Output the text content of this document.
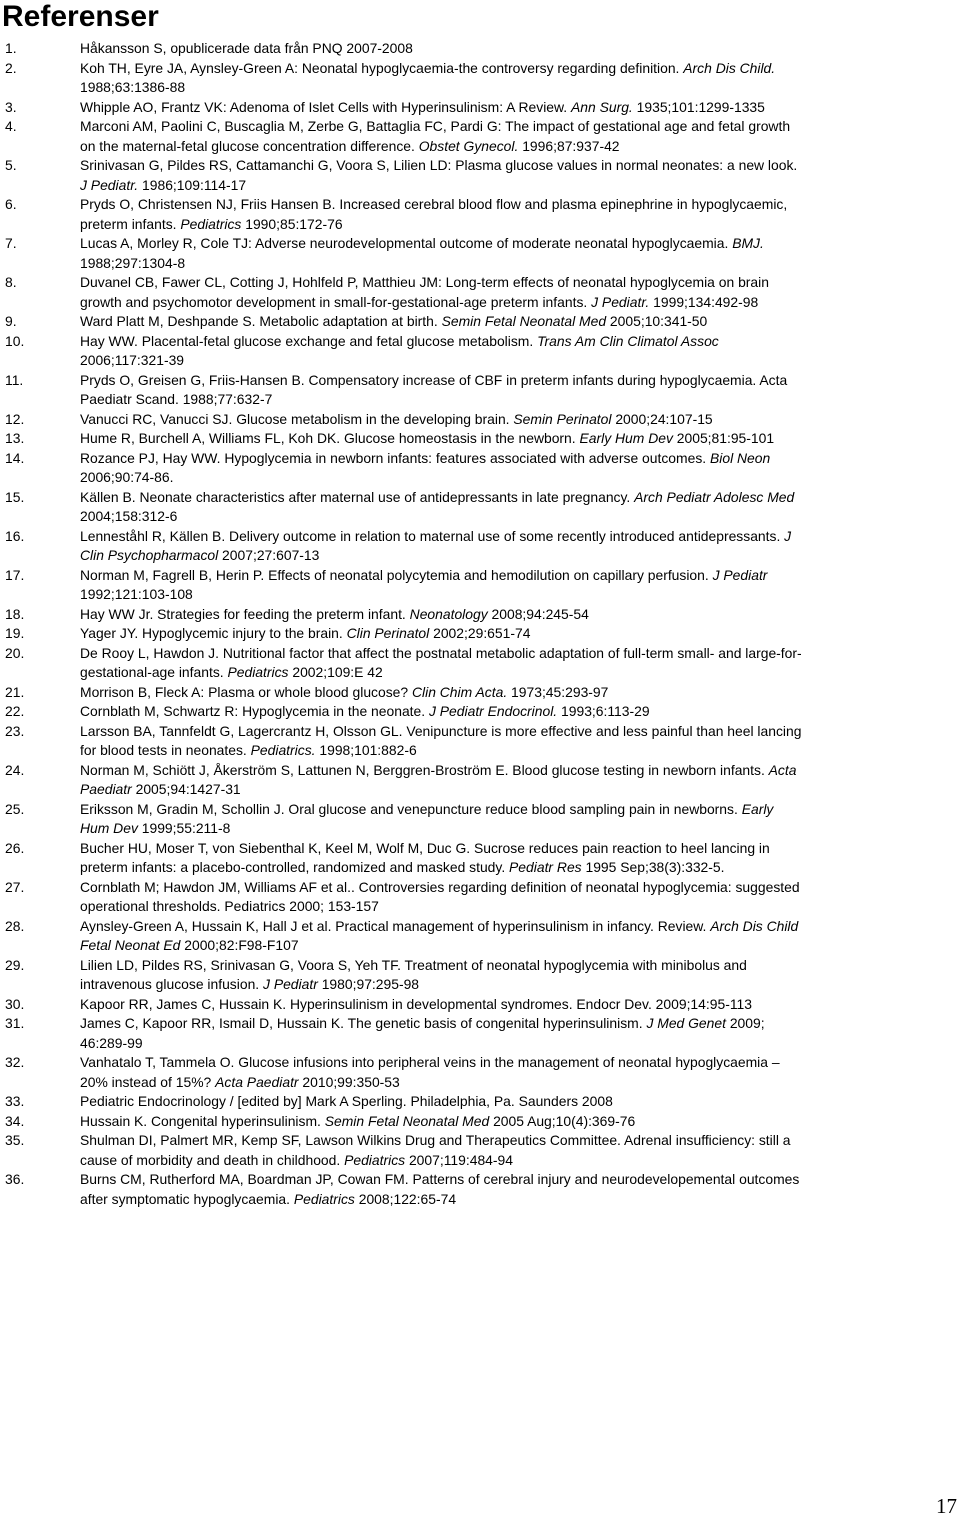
Referenser
1.	Håkansson S, opublicerade data från PNQ 2007-2008
2.	Koh TH, Eyre JA, Aynsley-Green A: Neonatal hypoglycaemia-the controversy regarding definition. Arch Dis Child.
1988;63:1386-88
3.	Whipple AO, Frantz VK: Adenoma of Islet Cells with Hyperinsulinism: A Review. Ann Surg. 1935;101:1299-1335
4.	Marconi AM, Paolini C, Buscaglia M, Zerbe G, Battaglia FC, Pardi G: The impact of gestational age and fetal growth
on the maternal-fetal glucose concentration difference. Obstet Gynecol. 1996;87:937-42
5.	Srinivasan G, Pildes RS, Cattamanchi G, Voora S, Lilien LD: Plasma glucose values in normal neonates: a new look.
J Pediatr. 1986;109:114-17
6.	Pryds O, Christensen NJ, Friis Hansen B. Increased cerebral blood flow and plasma epinephrine in hypoglycaemic,
preterm infants. Pediatrics 1990;85:172-76
7.	Lucas A, Morley R, Cole TJ: Adverse neurodevelopmental outcome of moderate neonatal hypoglycaemia. BMJ.
1988;297:1304-8
8.	Duvanel CB, Fawer CL, Cotting J, Hohlfeld P, Matthieu JM: Long-term effects of neonatal hypoglycemia on brain
growth and psychomotor development in small-for-gestational-age preterm infants. J Pediatr. 1999;134:492-98
9.	Ward Platt M, Deshpande S. Metabolic adaptation at birth. Semin Fetal Neonatal Med 2005;10:341-50
10.	Hay WW. Placental-fetal glucose exchange and fetal glucose metabolism. Trans Am Clin Climatol Assoc
2006;117:321-39
11.	Pryds O, Greisen G, Friis-Hansen B. Compensatory increase of CBF in preterm infants during hypoglycaemia. Acta
Paediatr Scand. 1988;77:632-7
12.	Vanucci RC, Vanucci SJ. Glucose metabolism in the developing brain. Semin Perinatol 2000;24:107-15
13.	Hume R, Burchell A, Williams FL, Koh DK. Glucose homeostasis in the newborn. Early Hum Dev 2005;81:95-101
14.	Rozance PJ, Hay WW. Hypoglycemia in newborn infants: features associated with adverse outcomes. Biol Neon
2006;90:74-86.
15.	Källen B. Neonate characteristics after maternal use of antidepressants in late pregnancy. Arch Pediatr Adolesc Med
2004;158:312-6
16.	Lenneståhl R, Källen B. Delivery outcome in relation to maternal use of some recently introduced antidepressants. J
Clin Psychopharmacol 2007;27:607-13
17.	Norman M, Fagrell B, Herin P. Effects of neonatal polycytemia and hemodilution on capillary perfusion. J Pediatr
1992;121:103-108
18.	Hay WW Jr. Strategies for feeding the preterm infant. Neonatology 2008;94:245-54
19.	Yager JY. Hypoglycemic injury to the brain. Clin Perinatol 2002;29:651-74
20.	De Rooy L, Hawdon J. Nutritional factor that affect the postnatal metabolic adaptation of full-term small- and large-for-
gestational-age infants. Pediatrics 2002;109:E 42
21.	Morrison B, Fleck A: Plasma or whole blood glucose? Clin Chim Acta. 1973;45:293-97
22.	Cornblath M, Schwartz R: Hypoglycemia in the neonate. J Pediatr Endocrinol. 1993;6:113-29
23.	Larsson BA, Tannfeldt G, Lagercrantz H, Olsson GL. Venipuncture is more effective and less painful than heel lancing
for blood tests in neonates. Pediatrics. 1998;101:882-6
24.	Norman M, Schiött J, Åkerström S, Lattunen N, Berggren-Broström E. Blood glucose testing in newborn infants. Acta
Paediatr 2005;94:1427-31
25.	Eriksson M, Gradin M, Schollin J. Oral glucose and venepuncture reduce blood sampling pain in newborns. Early
Hum Dev 1999;55:211-8
26.	Bucher HU, Moser T, von Siebenthal K, Keel M, Wolf M, Duc G. Sucrose reduces pain reaction to heel lancing in
preterm infants: a placebo-controlled, randomized and masked study. Pediatr Res 1995 Sep;38(3):332-5.
27.	Cornblath M; Hawdon JM, Williams AF et al.. Controversies regarding definition of neonatal hypoglycemia: suggested
operational thresholds. Pediatrics 2000; 153-157
28.	Aynsley-Green A, Hussain K, Hall J et al. Practical management of hyperinsulinism in infancy. Review. Arch Dis Child
Fetal Neonat Ed 2000;82:F98-F107
29.	Lilien LD, Pildes RS, Srinivasan G, Voora S, Yeh TF. Treatment of neonatal hypoglycemia with minibolus and
intravenous glucose infusion. J Pediatr 1980;97:295-98
30.	Kapoor RR, James C, Hussain K. Hyperinsulinism in developmental syndromes. Endocr Dev. 2009;14:95-113
31.	James C, Kapoor RR, Ismail D, Hussain K. The genetic basis of congenital hyperinsulinism. J Med Genet 2009;
46:289-99
32.	Vanhatalo T, Tammela O. Glucose infusions into peripheral veins in the management of neonatal hypoglycaemia –
20% instead of 15%? Acta Paediatr 2010;99:350-53
33.	Pediatric Endocrinology / [edited by] Mark A Sperling. Philadelphia, Pa. Saunders 2008
34.	Hussain K. Congenital hyperinsulinism. Semin Fetal Neonatal Med 2005 Aug;10(4):369-76
35.	Shulman DI, Palmert MR, Kemp SF, Lawson Wilkins Drug and Therapeutics Committee. Adrenal insufficiency: still a
cause of morbidity and death in childhood. Pediatrics 2007;119:484-94
36.	Burns CM, Rutherford MA, Boardman JP, Cowan FM. Patterns of cerebral injury and neurodevelopemental outcomes
after symptomatic hypoglycaemia. Pediatrics 2008;122:65-74
17
